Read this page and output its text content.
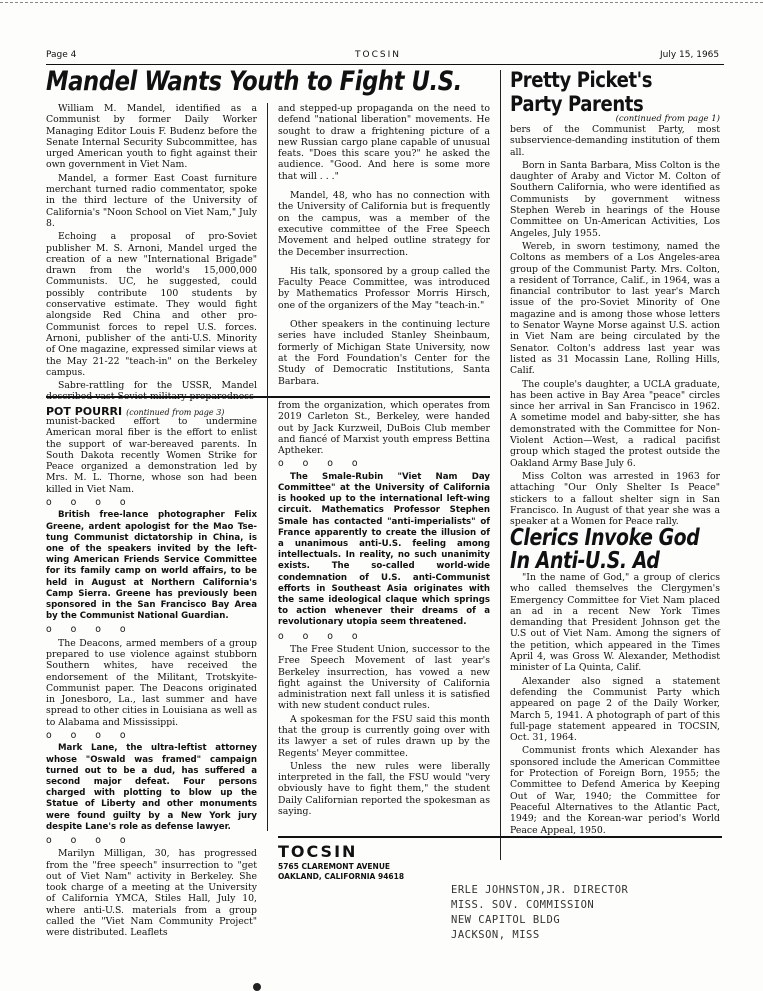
Page 4	TOCSIN	July 15, 1965
Mandel Wants Youth to Fight U.S.

William M. Mandel, identified as a Communist by former Daily Worker Managing Editor Louis F. Budenz before the Senate Internal Security Subcommittee, has urged American youth to fight against their own government in Viet Nam.

Mandel, a former East Coast furniture merchant turned radio commentator, spoke in the third lecture of the University of California's "Noon School on Viet Nam," July 8.

Echoing a proposal of pro-Soviet publisher M. S. Arnoni, Mandel urged the creation of a new "International Brigade" drawn from the world's 15,000,000 Communists. UC, he suggested, could possibly contribute 100 students by conservative estimate. They would fight alongside Red China and other pro-Communist forces to repel U.S. forces. Arnoni, publisher of the anti-U.S. Minority of One magazine, expressed similar views at the May 21-22 "teach-in" on the Berkeley campus.

Sabre-rattling for the USSR, Mandel described vast Soviet military preparedness

and stepped-up propaganda on the need to defend "national liberation" movements. He sought to draw a frightening picture of a new Russian cargo plane capable of unusual feats. "Does this scare you?" he asked the audience. "Good. And here is some more that will . . ."

Mandel, 48, who has no connection with the University of California but is frequently on the campus, was a member of the executive committee of the Free Speech Movement and helped outline strategy for the December insurrection.

His talk, sponsored by a group called the Faculty Peace Committee, was introduced by Mathematics Professor Morris Hirsch, one of the organizers of the May "teach-in."

Other speakers in the continuing lecture series have included Stanley Sheinbaum, formerly of Michigan State University, now at the Ford Foundation's Center for the Study of Democratic Institutions, Santa Barbara.

POT POURRI (continued from page 3)

munist-backed effort to undermine American moral fiber is the effort to enlist the support of war-bereaved parents. In South Dakota recently Women Strike for Peace organized a demonstration led by Mrs. M. L. Thorne, whose son had been killed in Viet Nam.

o o o o

British free-lance photographer Felix Greene, ardent apologist for the Mao Tse-tung Communist dictatorship in China, is one of the speakers invited by the left-wing American Friends Service Committee for its family camp on world affairs, to be held in August at Northern California's Camp Sierra. Greene has previously been sponsored in the San Francisco Bay Area by the Communist National Guardian.

o o o o

The Deacons, armed members of a group prepared to use violence against stubborn Southern whites, have received the endorsement of the Militant, Trotskyite-Communist paper. The Deacons originated in Jonesboro, La., last summer and have spread to other cities in Louisiana as well as to Alabama and Mississippi.

o o o o

Mark Lane, the ultra-leftist attorney whose "Oswald was framed" campaign turned out to be a dud, has suffered a second major defeat. Four persons charged with plotting to blow up the Statue of Liberty and other monuments were found guilty by a New York jury despite Lane's role as defense lawyer.

o o o o

Marilyn Milligan, 30, has progressed from the "free speech" insurrection to "get out of Viet Nam" activity in Berkeley. She took charge of a meeting at the University of California YMCA, Stiles Hall, July 10, where anti-U.S. materials from a group called the "Viet Nam Community Project" were distributed. Leaflets

from the organization, which operates from 2019 Carleton St., Berkeley, were handed out by Jack Kurzweil, DuBois Club member and fiancé of Marxist youth empress Bettina Aptheker.

o o o o

The Smale-Rubin "Viet Nam Day Committee" at the University of California is hooked up to the international left-wing circuit. Mathematics Professor Stephen Smale has contacted "anti-imperialists" of France apparently to create the illusion of a unanimous anti-U.S. feeling among intellectuals. In reality, no such unanimity exists. The so-called world-wide condemnation of U.S. anti-Communist efforts in Southeast Asia originates with the same ideological claque which springs to action whenever their dreams of a revolutionary utopia seem threatened.

o o o o

The Free Student Union, successor to the Free Speech Movement of last year's Berkeley insurrection, has vowed a new fight against the University of California administration next fall unless it is satisfied with new student conduct rules.

A spokesman for the FSU said this month that the group is currently going over with its lawyer a set of rules drawn up by the Regents' Meyer committee.

Unless the new rules were liberally interpreted in the fall, the FSU would "very obviously have to fight them," the student Daily Californian reported the spokesman as saying.

Pretty Picket's
Party Parents
(continued from page 1)

bers of the Communist Party, most subservience-demanding institution of them all.

Born in Santa Barbara, Miss Colton is the daughter of Araby and Victor M. Colton of Southern California, who were identified as Communists by government witness Stephen Wereb in hearings of the House Committee on Un-American Activities, Los Angeles, July 1955.

Wereb, in sworn testimony, named the Coltons as members of a Los Angeles-area group of the Communist Party. Mrs. Colton, a resident of Torrance, Calif., in 1964, was a financial contributor to last year's March issue of the pro-Soviet Minority of One magazine and is among those whose letters to Senator Wayne Morse against U.S. action in Viet Nam are being circulated by the Senator. Colton's address last year was listed as 31 Mocassin Lane, Rolling Hills, Calif.

The couple's daughter, a UCLA graduate, has been active in Bay Area "peace" circles since her arrival in San Francisco in 1962. A sometime model and baby-sitter, she has demonstrated with the Committee for Non-Violent Action—West, a radical pacifist group which staged the protest outside the Oakland Army Base July 6.

Miss Colton was arrested in 1963 for attaching "Our Only Shelter Is Peace" stickers to a fallout shelter sign in San Francisco. In August of that year she was a speaker at a Women for Peace rally.

Clerics Invoke God
In Anti-U.S. Ad

"In the name of God," a group of clerics who called themselves the Clergymen's Emergency Committee for Viet Nam placed an ad in a recent New York Times demanding that President Johnson get the U.S out of Viet Nam. Among the signers of the petition, which appeared in the Times April 4, was Gross W. Alexander, Methodist minister of La Quinta, Calif.

Alexander also signed a statement defending the Communist Party which appeared on page 2 of the Daily Worker, March 5, 1941. A photograph of part of this full-page statement appeared in TOCSIN, Oct. 31, 1964.

Communist fronts which Alexander has sponsored include the American Committee for Protection of Foreign Born, 1955; the Committee to Defend America by Keeping Out of War, 1940; the Committee for Peaceful Alternatives to the Atlantic Pact, 1949; and the Korean-war period's World Peace Appeal, 1950.

TOCSIN
5765 CLAREMONT AVENUE
OAKLAND, CALIFORNIA 94618
ERLE JOHNSTON,JR. DIRECTOR
MISS. SOV. COMMISSION
NEW CAPITOL BLDG
JACKSON, MISS
